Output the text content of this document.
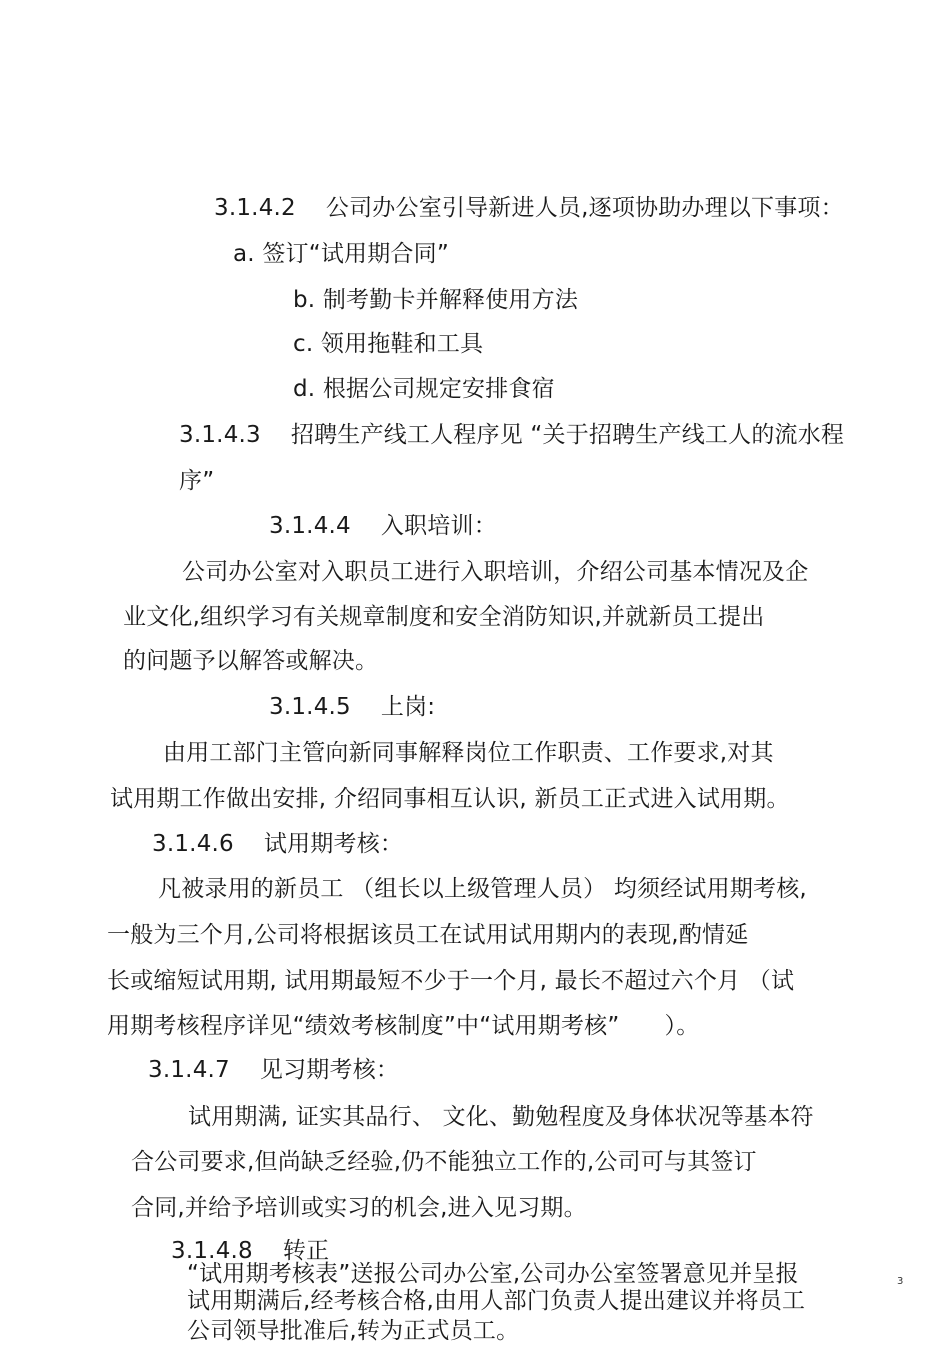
3.1.4.2    公司办公室引导新进人员,逐项协助办理以下事项：
a. 签订“试用期合同”
b. 制考勤卡并解释使用方法
c. 领用拖鞋和工具
d. 根据公司规定安排食宿
3.1.4.3    招聘生产线工人程序见 “关于招聘生产线工人的流水程
序”
3.1.4.4    入职培训：
公司办公室对入职员工进行入职培训，介绍公司基本情况及企
业文化,组织学习有关规章制度和安全消防知识,并就新员工提出
的问题予以解答或解决。
3.1.4.5    上岗:
由用工部门主管向新同事解释岗位工作职责、工作要求,对其
试用期工作做出安排, 介绍同事相互认识, 新员工正式进入试用期。
3.1.4.6    试用期考核：
凡被录用的新员工 （组长以上级管理人员） 均须经试用期考核,
一般为三个月,公司将根据该员工在试用试用期内的表现,酌情延
长或缩短试用期, 试用期最短不少于一个月, 最长不超过六个月 （试
用期考核程序详见“绩效考核制度”中“试用期考核”      ）。
3.1.4.7    见习期考核：
试用期满, 证实其品行、 文化、勤勉程度及身体状况等基本符
合公司要求,但尚缺乏经验,仍不能独立工作的,公司可与其签订
合同,并给予培训或实习的机会,进入见习期。
3.1.4.8    转正
“试用期考核表”送报公司办公室,公司办公室签署意见并呈报
试用期满后,经考核合格,由用人部门负责人提出建议并将员工
公司领导批准后,转为正式员工。
3
